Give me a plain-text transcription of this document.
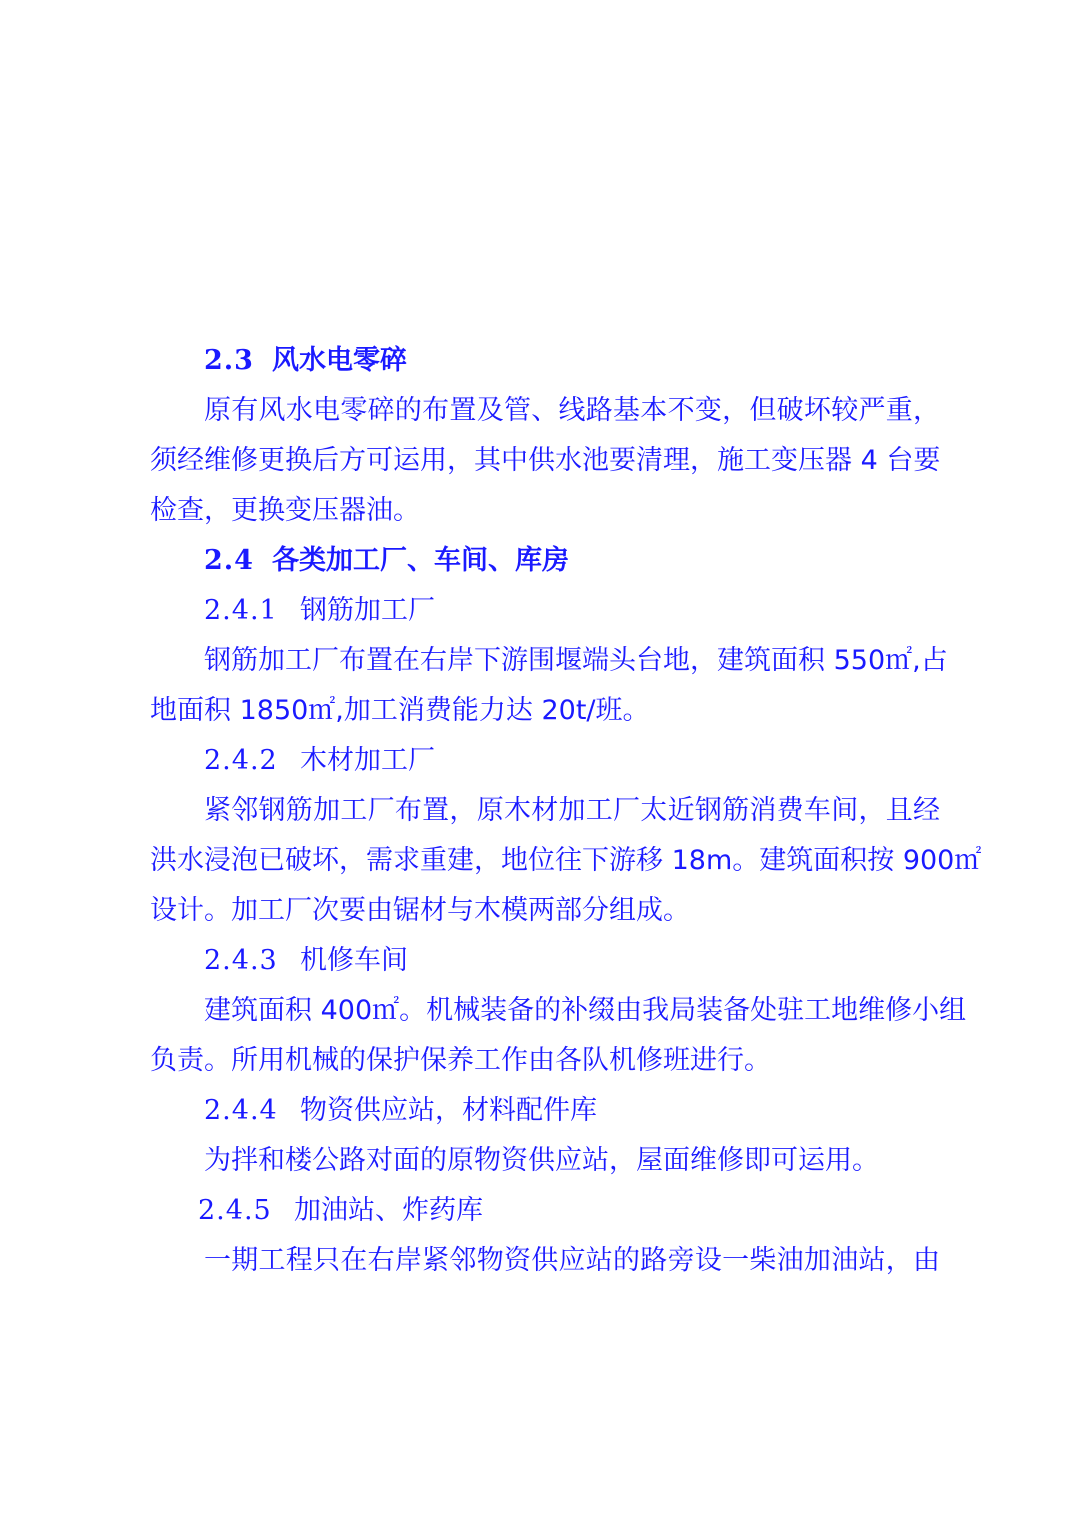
2.3 风水电零碎
原有风水电零碎的布置及管、线路基本不变，但破坏较严重，
须经维修更换后方可运用，其中供水池要清理，施工变压器 4 台要
检查，更换变压器油。
2.4 各类加工厂、车间、库房
2.4.1 钢筋加工厂
钢筋加工厂布置在右岸下游围堰端头台地，建筑面积 550㎡,占
地面积 1850㎡,加工消费能力达 20t/班。
2.4.2 木材加工厂
紧邻钢筋加工厂布置，原木材加工厂太近钢筋消费车间，且经
洪水浸泡已破坏，需求重建，地位往下游移 18m。建筑面积按 900㎡
设计。加工厂次要由锯材与木模两部分组成。
2.4.3 机修车间
建筑面积 400㎡。机械装备的补缀由我局装备处驻工地维修小组
负责。所用机械的保护保养工作由各队机修班进行。
2.4.4 物资供应站，材料配件库
为拌和楼公路对面的原物资供应站，屋面维修即可运用。
2.4.5 加油站、炸药库
一期工程只在右岸紧邻物资供应站的路旁设一柴油加油站，由
